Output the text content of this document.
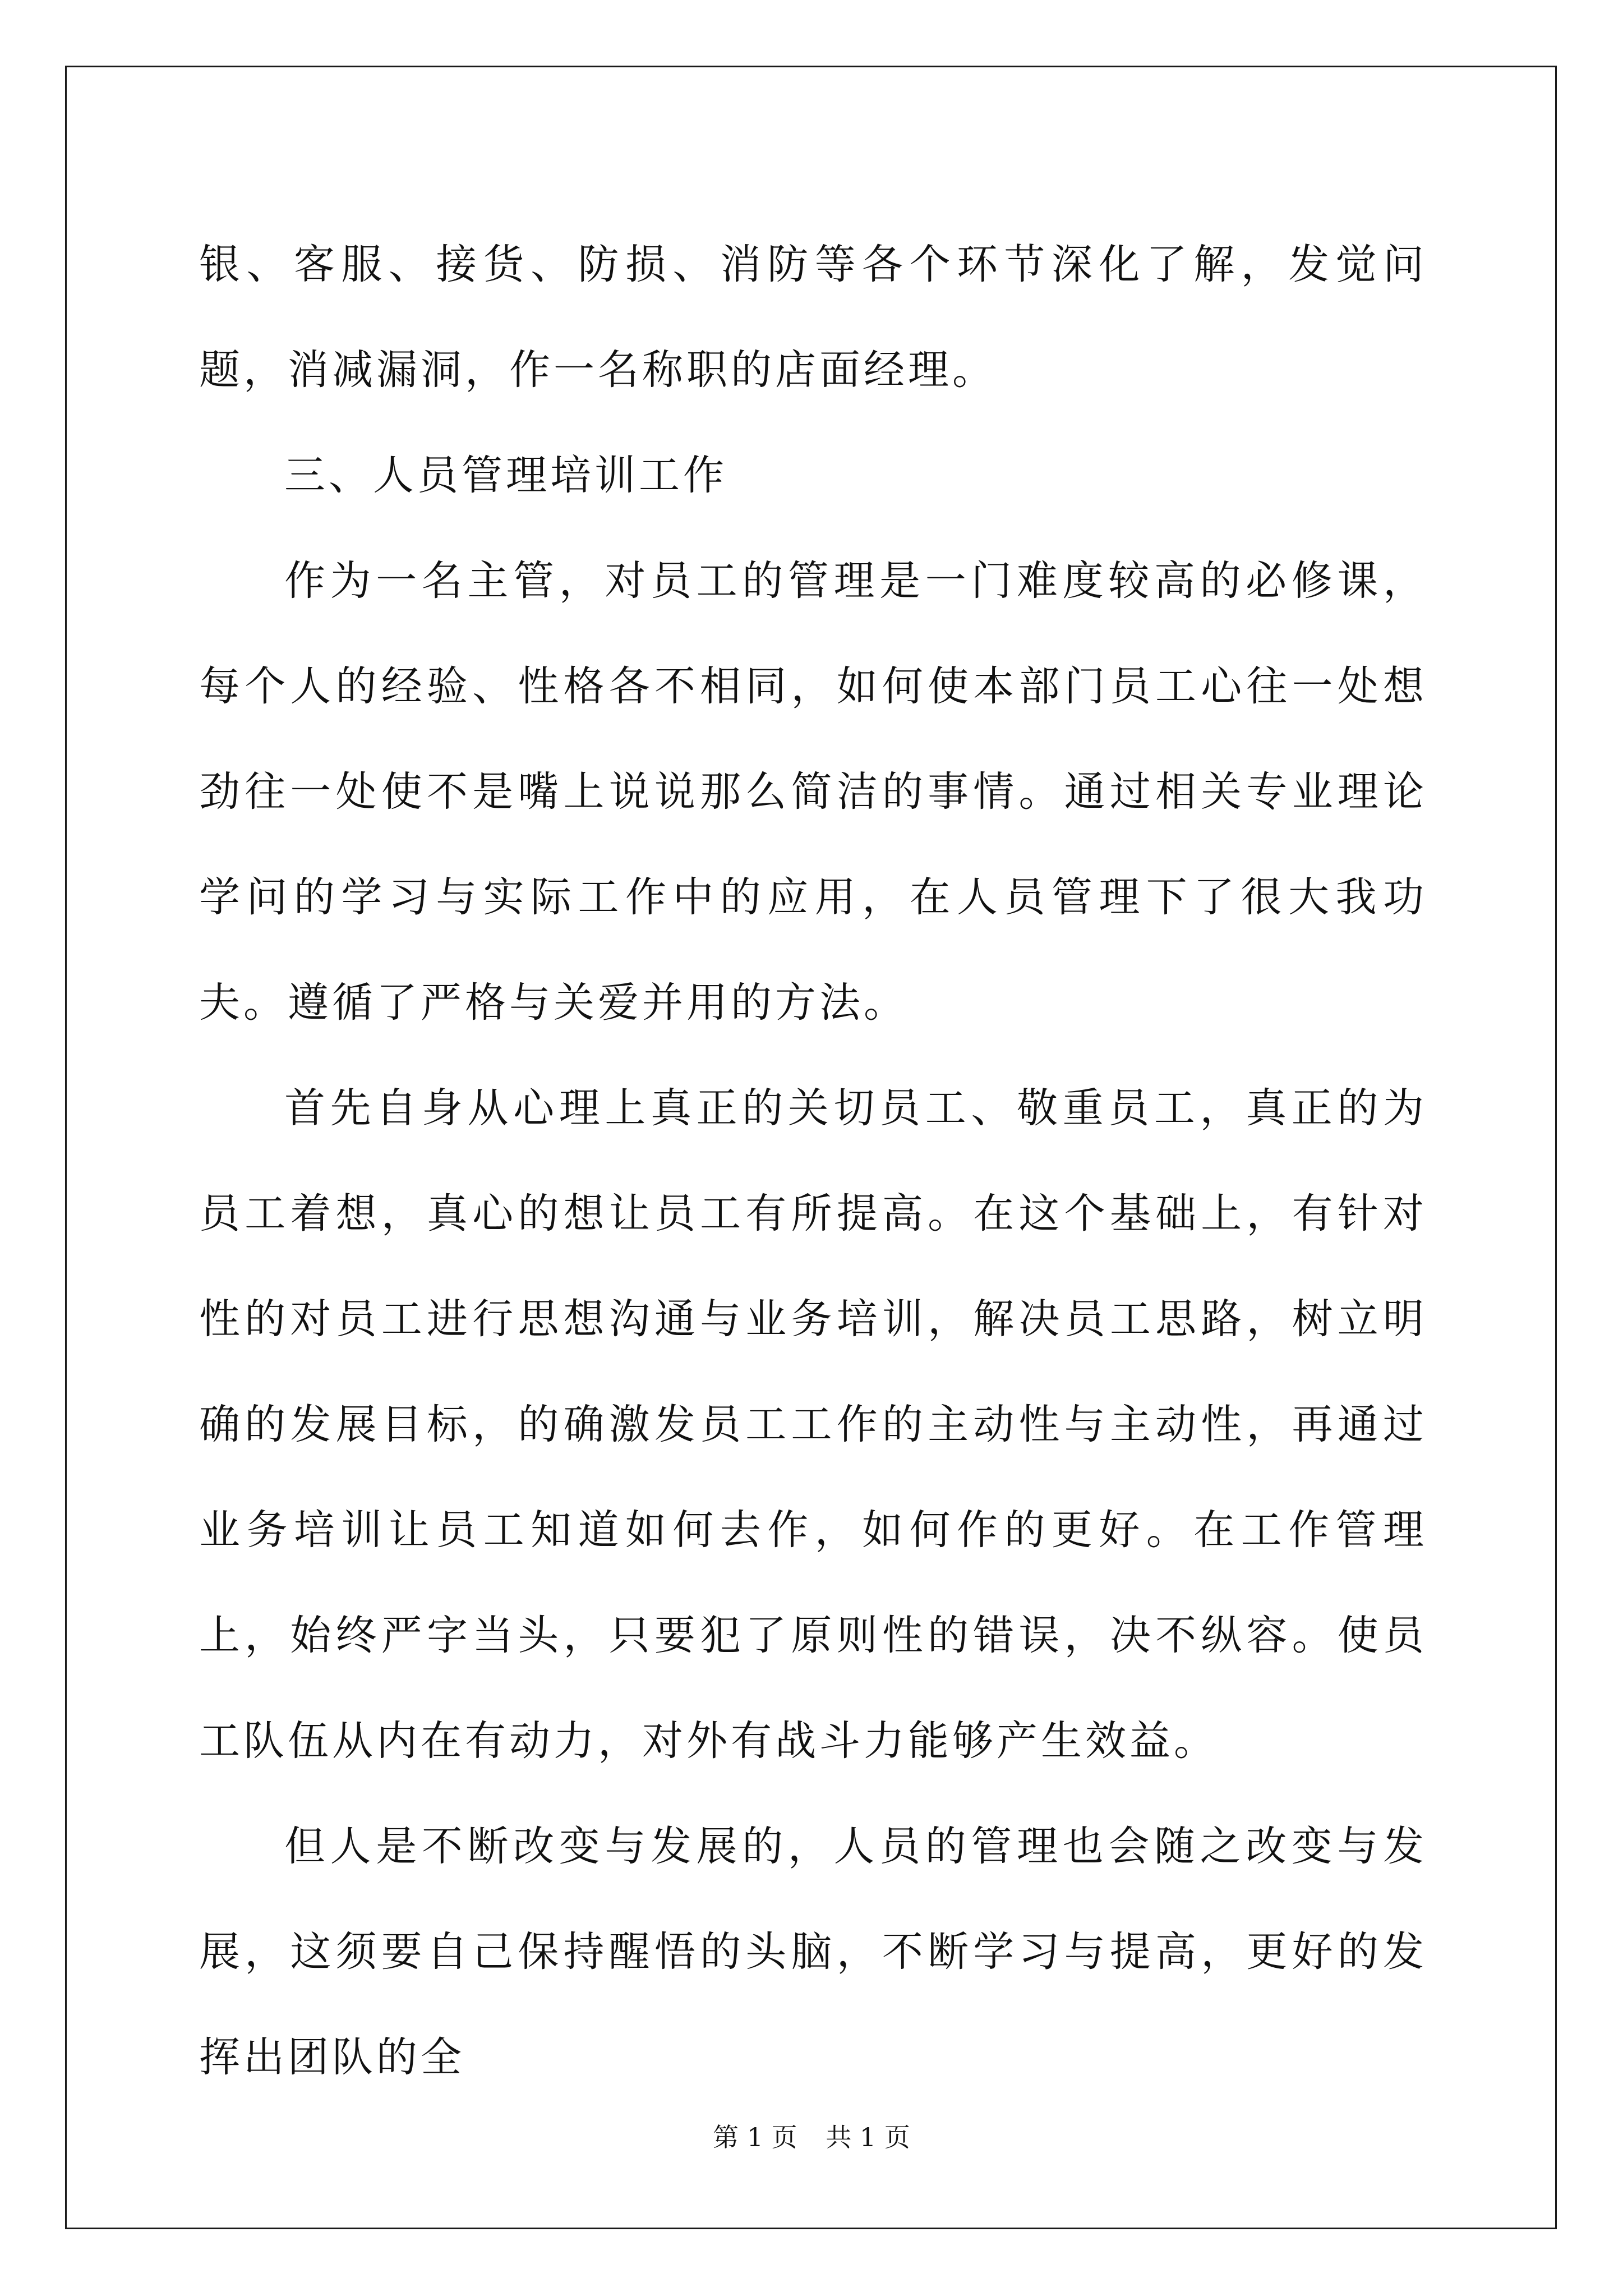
银、客服、接货、防损、消防等各个环节深化了解，发觉问题，消减漏洞，作一名称职的店面经理。

三、人员管理培训工作

作为一名主管，对员工的管理是一门难度较高的必修课，每个人的经验、性格各不相同，如何使本部门员工心往一处想劲往一处使不是嘴上说说那么简洁的事情。通过相关专业理论学问的学习与实际工作中的应用，在人员管理下了很大我功夫。遵循了严格与关爱并用的方法。

首先自身从心理上真正的关切员工、敬重员工，真正的为员工着想，真心的想让员工有所提高。在这个基础上，有针对性的对员工进行思想沟通与业务培训，解决员工思路，树立明确的发展目标，的确激发员工工作的主动性与主动性，再通过业务培训让员工知道如何去作，如何作的更好。在工作管理上，始终严字当头，只要犯了原则性的错误，决不纵容。使员工队伍从内在有动力，对外有战斗力能够产生效益。

但人是不断改变与发展的，人员的管理也会随之改变与发展，这须要自己保持醒悟的头脑，不断学习与提高，更好的发挥出团队的全

第 1 页 共 1 页
